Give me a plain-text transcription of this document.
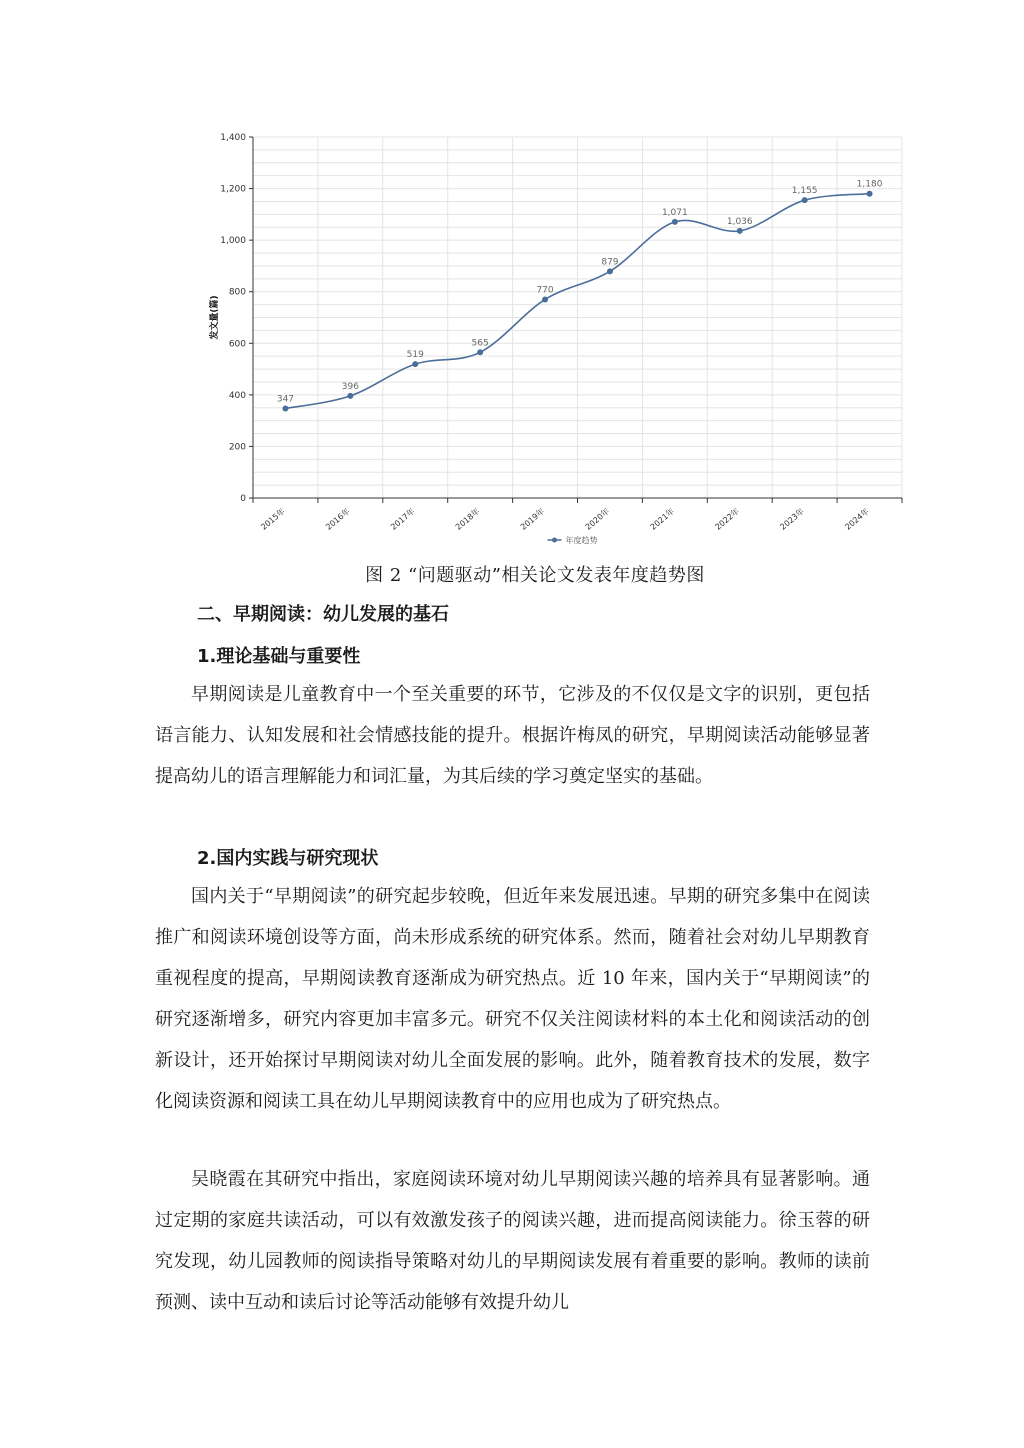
0
200
400
600
800
1,000
1,200
1,400
2015年	2016年	2017年	2018年	2019年	2020年	2021年	2022年	2023年	2024年
发文量(篇)
347
396
519
565
770
879
1,071
1,036
1,155
1,180
年度趋势
图 2 “问题驱动”相关论文发表年度趋势图
二、早期阅读：幼儿发展的基石
1.理论基础与重要性
早期阅读是儿童教育中一个至关重要的环节，它涉及的不仅仅是文字的识别，更包括语言能力、认知发展和社会情感技能的提升。根据许梅凤的研究，早期阅读活动能够显著提高幼儿的语言理解能力和词汇量，为其后续的学习奠定坚实的基础。
2.国内实践与研究现状
国内关于“早期阅读”的研究起步较晚，但近年来发展迅速。早期的研究多集中在阅读推广和阅读环境创设等方面，尚未形成系统的研究体系。然而，随着社会对幼儿早期教育重视程度的提高，早期阅读教育逐渐成为研究热点。近 10 年来，国内关于“早期阅读”的研究逐渐增多，研究内容更加丰富多元。研究不仅关注阅读材料的本土化和阅读活动的创新设计，还开始探讨早期阅读对幼儿全面发展的影响。此外，随着教育技术的发展，数字化阅读资源和阅读工具在幼儿早期阅读教育中的应用也成为了研究热点。
吴晓霞在其研究中指出，家庭阅读环境对幼儿早期阅读兴趣的培养具有显著影响。通过定期的家庭共读活动，可以有效激发孩子的阅读兴趣，进而提高阅读能力。徐玉蓉的研究发现，幼儿园教师的阅读指导策略对幼儿的早期阅读发展有着重要的影响。教师的读前预测、读中互动和读后讨论等活动能够有效提升幼儿
